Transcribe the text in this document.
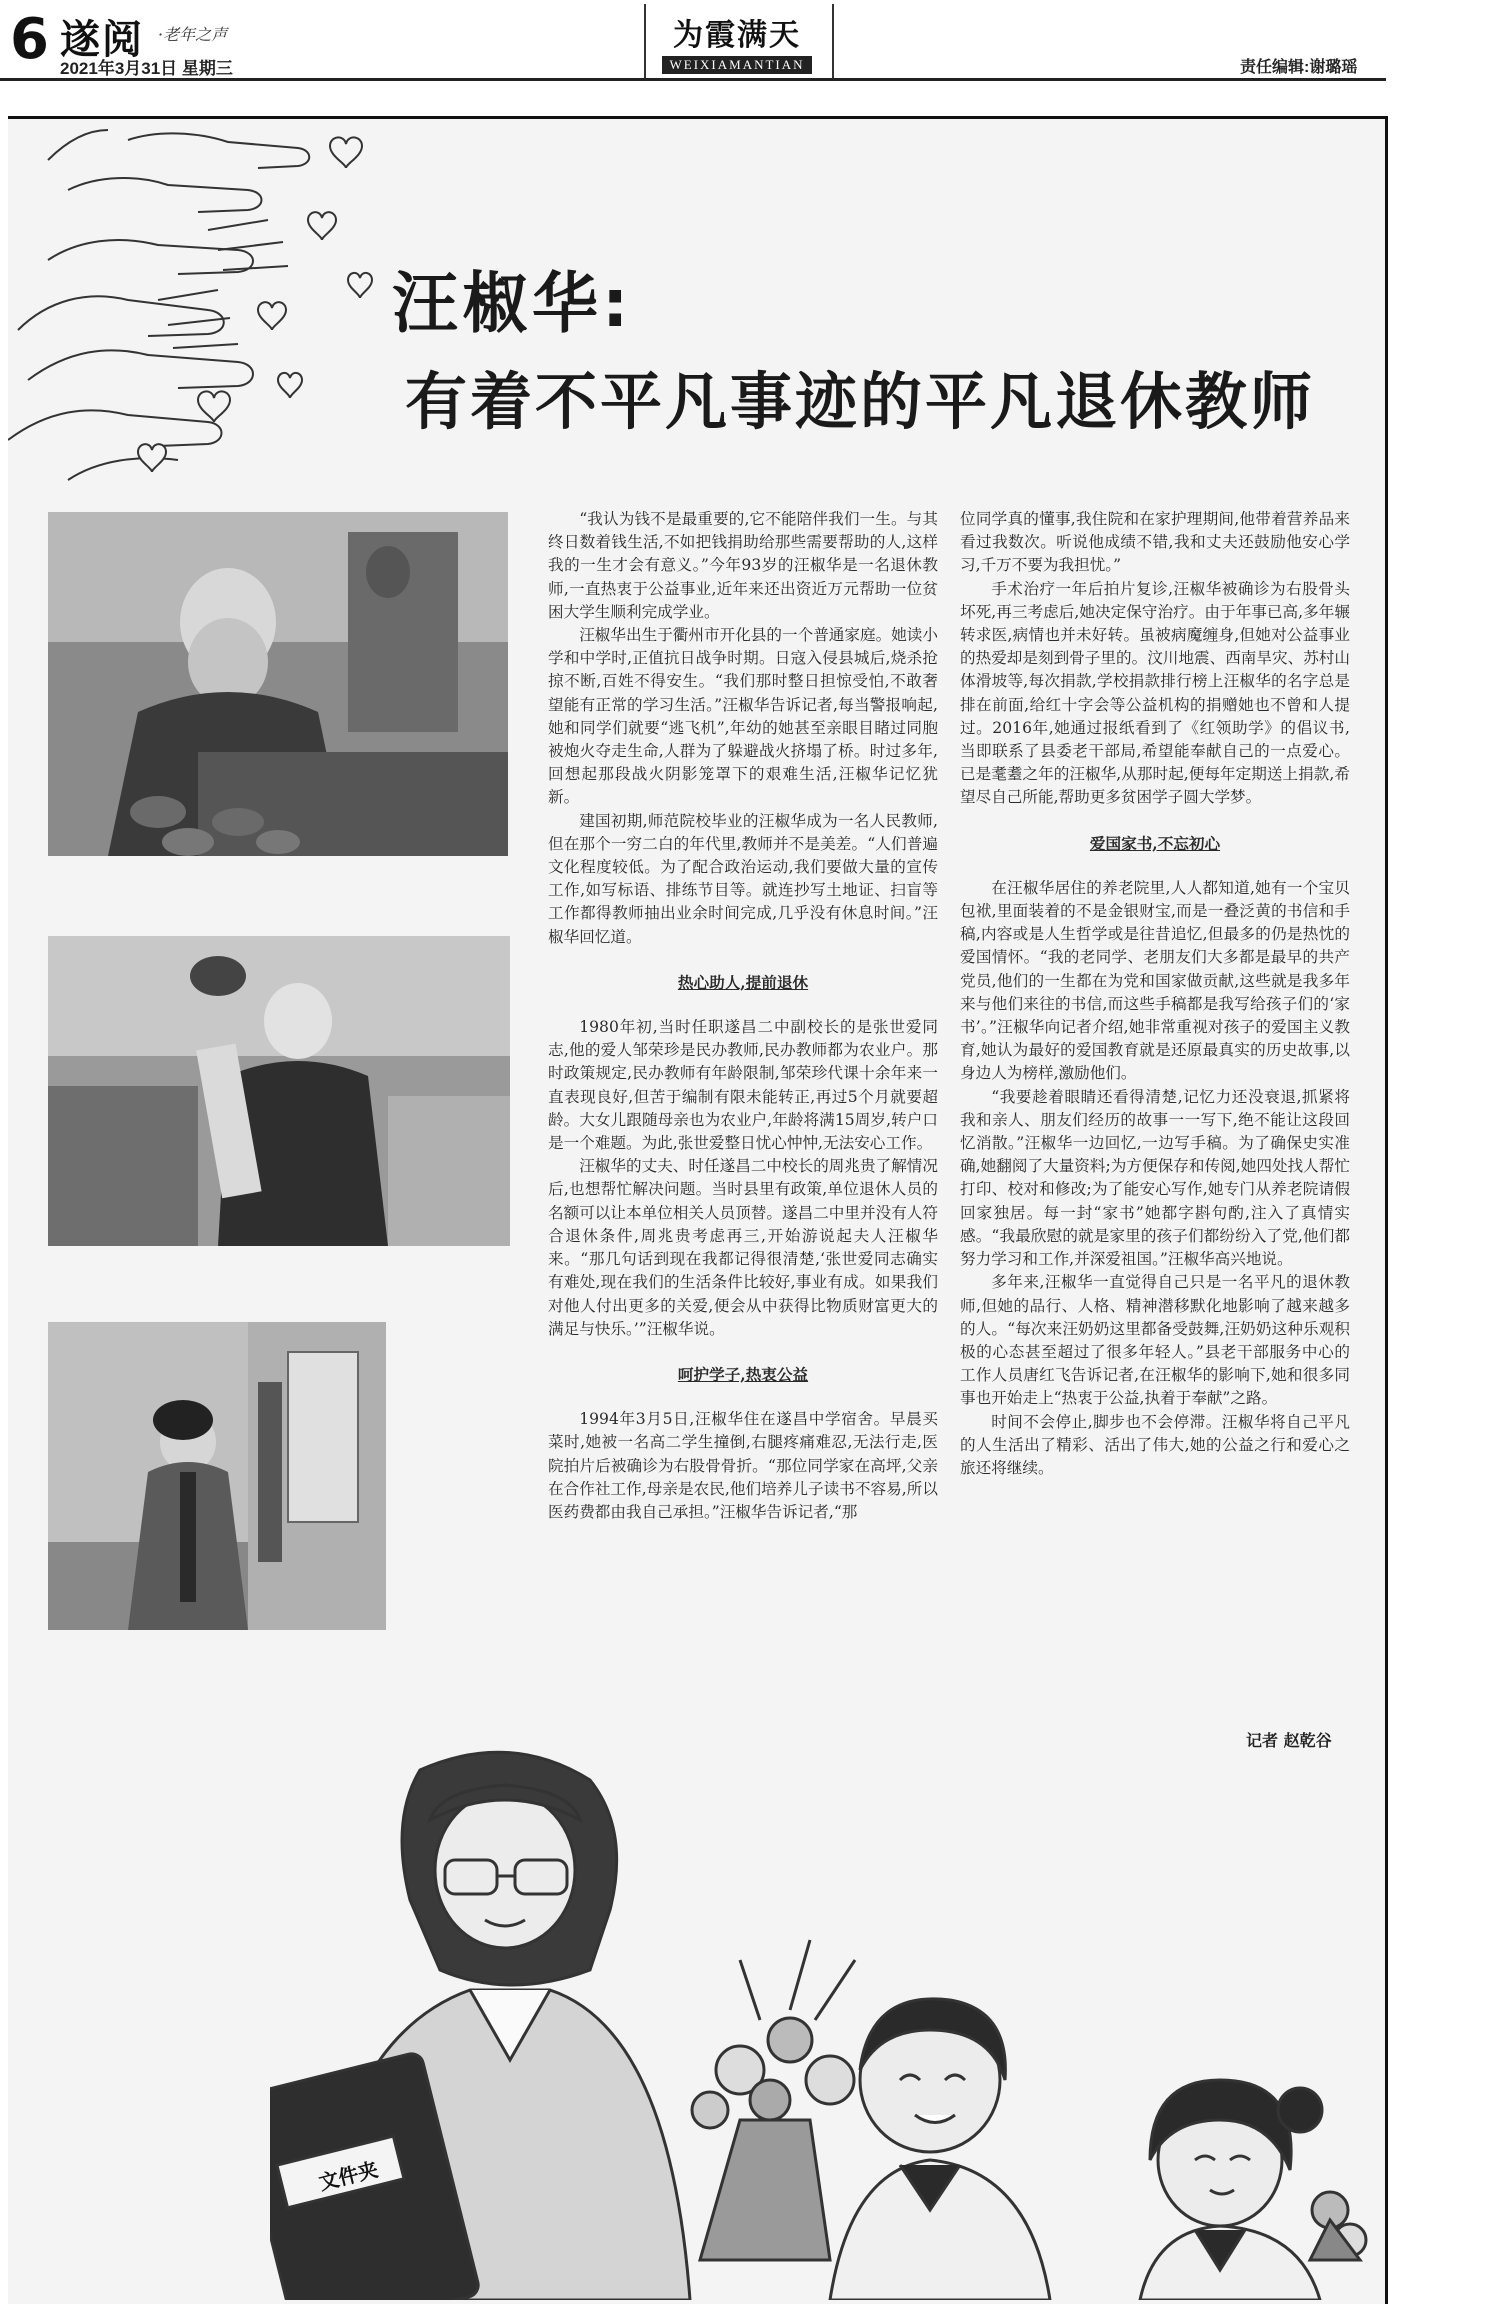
6 遂阅 ·老年之声
2021年3月31日 星期三
为霞满天
WEIXIAMANTIAN	责任编辑:谢璐瑶
汪椒华:
有着不平凡事迹的平凡退休教师

“我认为钱不是最重要的,它不能陪伴我们一生。与其终日数着钱生活,不如把钱捐助给那些需要帮助的人,这样我的一生才会有意义。”今年93岁的汪椒华是一名退休教师,一直热衷于公益事业,近年来还出资近万元帮助一位贫困大学生顺利完成学业。

汪椒华出生于衢州市开化县的一个普通家庭。她读小学和中学时,正值抗日战争时期。日寇入侵县城后,烧杀抢掠不断,百姓不得安生。“我们那时整日担惊受怕,不敢奢望能有正常的学习生活。”汪椒华告诉记者,每当警报响起,她和同学们就要“逃飞机”,年幼的她甚至亲眼目睹过同胞被炮火夺走生命,人群为了躲避战火挤塌了桥。时过多年,回想起那段战火阴影笼罩下的艰难生活,汪椒华记忆犹新。

建国初期,师范院校毕业的汪椒华成为一名人民教师,但在那个一穷二白的年代里,教师并不是美差。“人们普遍文化程度较低。为了配合政治运动,我们要做大量的宣传工作,如写标语、排练节目等。就连抄写土地证、扫盲等工作都得教师抽出业余时间完成,几乎没有休息时间。”汪椒华回忆道。

热心助人,提前退休

1980年初,当时任职遂昌二中副校长的是张世爱同志,他的爱人邹荣珍是民办教师,民办教师都为农业户。那时政策规定,民办教师有年龄限制,邹荣珍代课十余年来一直表现良好,但苦于编制有限未能转正,再过5个月就要超龄。大女儿跟随母亲也为农业户,年龄将满15周岁,转户口是一个难题。为此,张世爱整日忧心忡忡,无法安心工作。

汪椒华的丈夫、时任遂昌二中校长的周兆贵了解情况后,也想帮忙解决问题。当时县里有政策,单位退休人员的名额可以让本单位相关人员顶替。遂昌二中里并没有人符合退休条件,周兆贵考虑再三,开始游说起夫人汪椒华来。“那几句话到现在我都记得很清楚,‘张世爱同志确实有难处,现在我们的生活条件比较好,事业有成。如果我们对他人付出更多的关爱,便会从中获得比物质财富更大的满足与快乐。’”汪椒华说。

呵护学子,热衷公益

1994年3月5日,汪椒华住在遂昌中学宿舍。早晨买菜时,她被一名高二学生撞倒,右腿疼痛难忍,无法行走,医院拍片后被确诊为右股骨骨折。“那位同学家在高坪,父亲在合作社工作,母亲是农民,他们培养儿子读书不容易,所以医药费都由我自己承担。”汪椒华告诉记者,“那

位同学真的懂事,我住院和在家护理期间,他带着营养品来看过我数次。听说他成绩不错,我和丈夫还鼓励他安心学习,千万不要为我担忧。”

手术治疗一年后拍片复诊,汪椒华被确诊为右股骨头坏死,再三考虑后,她决定保守治疗。由于年事已高,多年辗转求医,病情也并未好转。虽被病魔缠身,但她对公益事业的热爱却是刻到骨子里的。汶川地震、西南旱灾、苏村山体滑坡等,每次捐款,学校捐款排行榜上汪椒华的名字总是排在前面,给红十字会等公益机构的捐赠她也不曾和人提过。2016年,她通过报纸看到了《红领助学》的倡议书,当即联系了县委老干部局,希望能奉献自己的一点爱心。已是耄耋之年的汪椒华,从那时起,便每年定期送上捐款,希望尽自己所能,帮助更多贫困学子圆大学梦。

爱国家书,不忘初心

在汪椒华居住的养老院里,人人都知道,她有一个宝贝包袱,里面装着的不是金银财宝,而是一叠泛黄的书信和手稿,内容或是人生哲学或是往昔追忆,但最多的仍是热忱的爱国情怀。“我的老同学、老朋友们大多都是最早的共产党员,他们的一生都在为党和国家做贡献,这些就是我多年来与他们来往的书信,而这些手稿都是我写给孩子们的‘家书’。”汪椒华向记者介绍,她非常重视对孩子的爱国主义教育,她认为最好的爱国教育就是还原最真实的历史故事,以身边人为榜样,激励他们。

“我要趁着眼睛还看得清楚,记忆力还没衰退,抓紧将我和亲人、朋友们经历的故事一一写下,绝不能让这段回忆消散。”汪椒华一边回忆,一边写手稿。为了确保史实准确,她翻阅了大量资料;为方便保存和传阅,她四处找人帮忙打印、校对和修改;为了能安心写作,她专门从养老院请假回家独居。每一封“家书”她都字斟句酌,注入了真情实感。“我最欣慰的就是家里的孩子们都纷纷入了党,他们都努力学习和工作,并深爱祖国。”汪椒华高兴地说。

多年来,汪椒华一直觉得自己只是一名平凡的退休教师,但她的品行、人格、精神潜移默化地影响了越来越多的人。“每次来汪奶奶这里都备受鼓舞,汪奶奶这种乐观积极的心态甚至超过了很多年轻人。”县老干部服务中心的工作人员唐红飞告诉记者,在汪椒华的影响下,她和很多同事也开始走上“热衷于公益,执着于奉献”之路。

时间不会停止,脚步也不会停滞。汪椒华将自己平凡的人生活出了精彩、活出了伟大,她的公益之行和爱心之旅还将继续。

记者 赵乾谷
文件夹
